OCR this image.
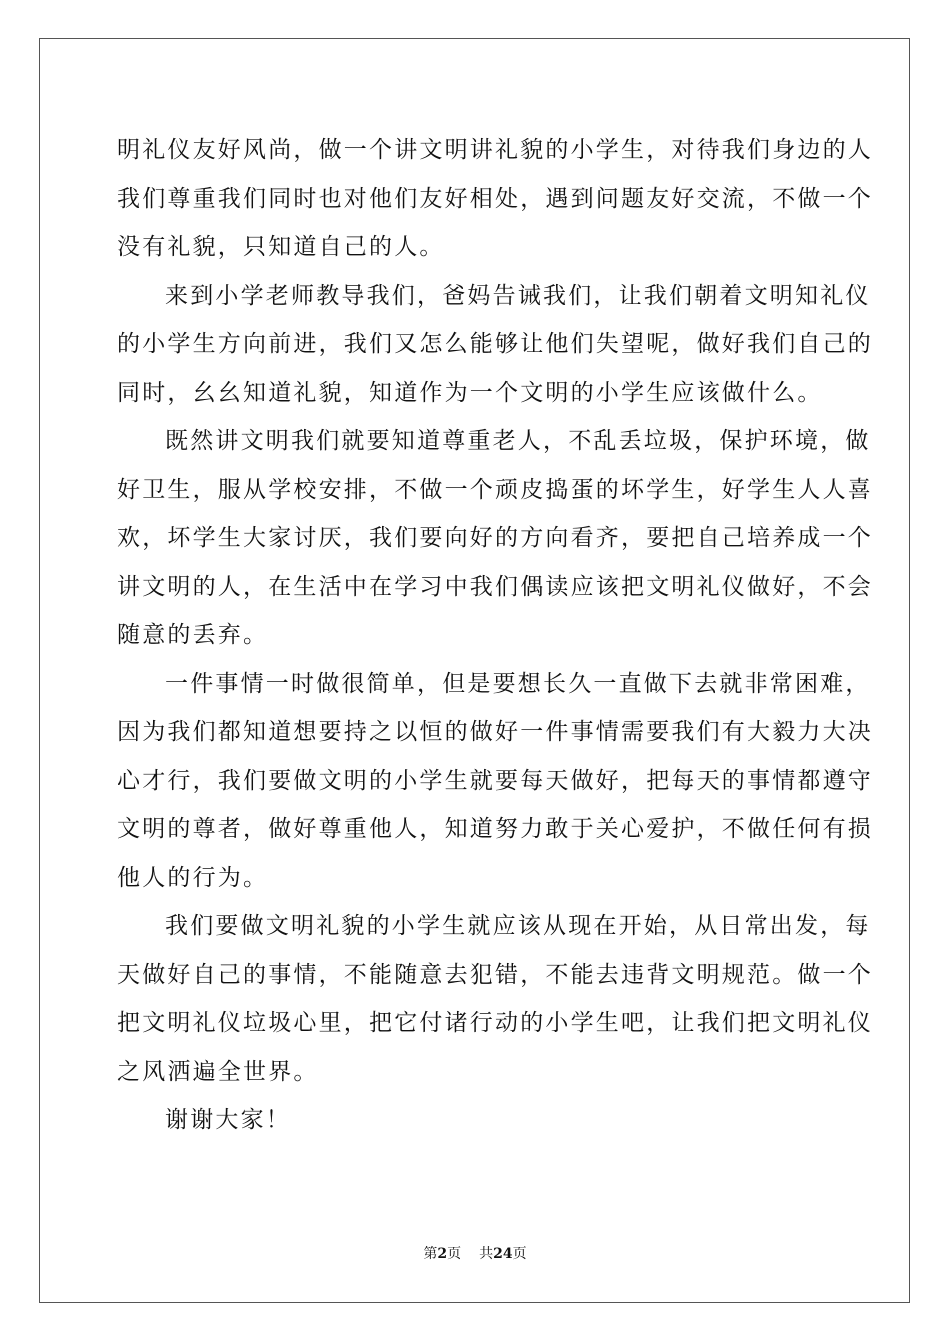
明礼仪友好风尚，做一个讲文明讲礼貌的小学生，对待我们身边的人
我们尊重我们同时也对他们友好相处，遇到问题友好交流，不做一个
没有礼貌，只知道自己的人。
来到小学老师教导我们，爸妈告诫我们，让我们朝着文明知礼仪
的小学生方向前进，我们又怎么能够让他们失望呢，做好我们自己的
同时，幺幺知道礼貌，知道作为一个文明的小学生应该做什么。
既然讲文明我们就要知道尊重老人，不乱丢垃圾，保护环境，做
好卫生，服从学校安排，不做一个顽皮捣蛋的坏学生，好学生人人喜
欢，坏学生大家讨厌，我们要向好的方向看齐，要把自己培养成一个
讲文明的人，在生活中在学习中我们偶读应该把文明礼仪做好，不会
随意的丢弃。
一件事情一时做很简单，但是要想长久一直做下去就非常困难，
因为我们都知道想要持之以恒的做好一件事情需要我们有大毅力大决
心才行，我们要做文明的小学生就要每天做好，把每天的事情都遵守
文明的尊者，做好尊重他人，知道努力敢于关心爱护，不做任何有损
他人的行为。
我们要做文明礼貌的小学生就应该从现在开始，从日常出发，每
天做好自己的事情，不能随意去犯错，不能去违背文明规范。做一个
把文明礼仪垃圾心里，把它付诸行动的小学生吧，让我们把文明礼仪
之风洒遍全世界。
谢谢大家！
第2页 共24页
